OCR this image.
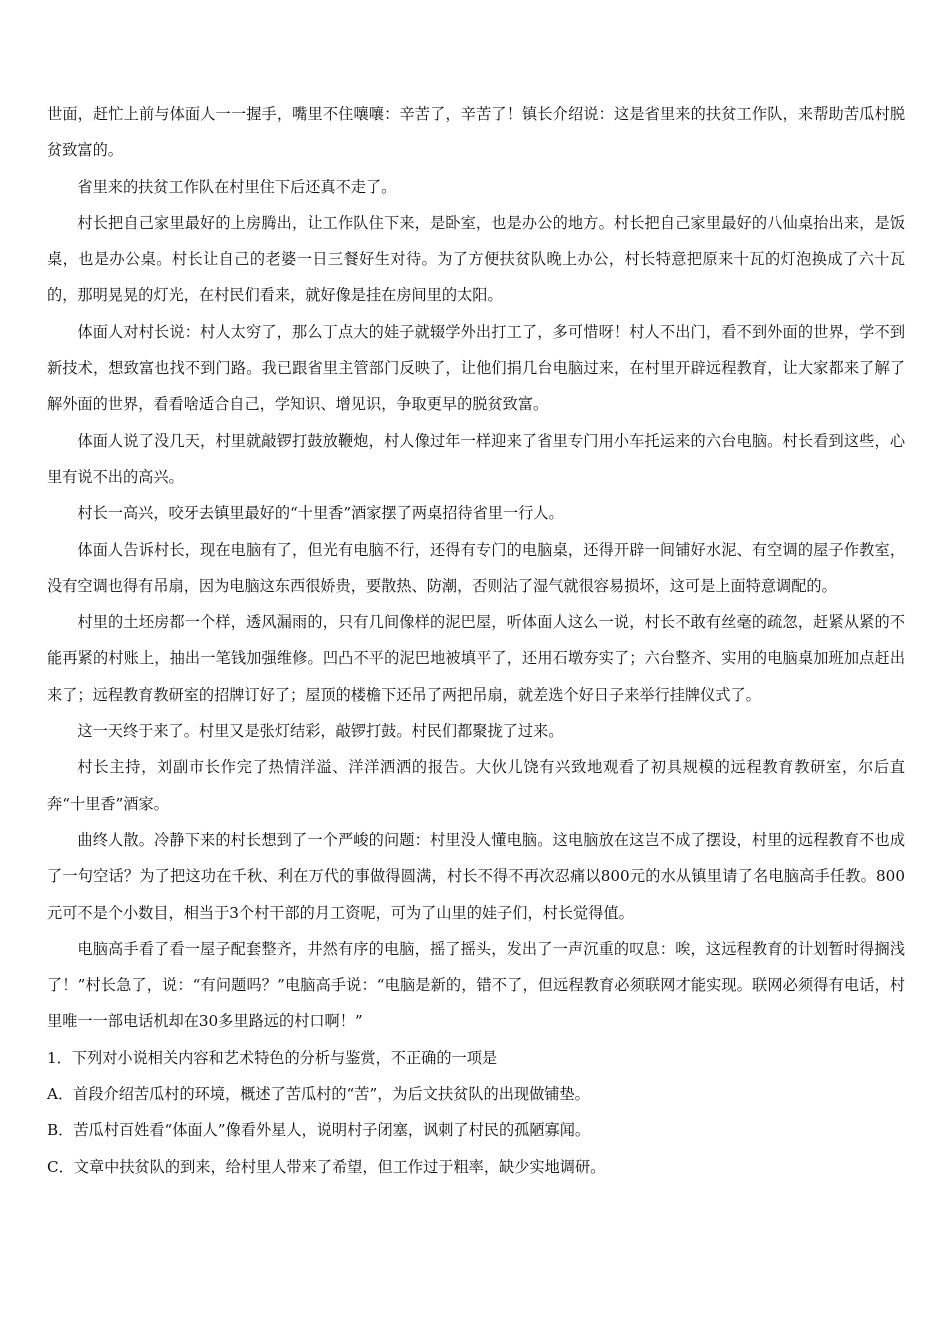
世面，赶忙上前与体面人一一握手，嘴里不住嚷嚷：辛苦了，辛苦了！镇长介绍说：这是省里来的扶贫工作队，来帮助苦瓜村脱贫致富的。

省里来的扶贫工作队在村里住下后还真不走了。

村长把自己家里最好的上房腾出，让工作队住下来，是卧室，也是办公的地方。村长把自己家里最好的八仙桌抬出来，是饭桌，也是办公桌。村长让自己的老婆一日三餐好生对待。为了方便扶贫队晚上办公，村长特意把原来十瓦的灯泡换成了六十瓦的，那明晃晃的灯光，在村民们看来，就好像是挂在房间里的太阳。

体面人对村长说：村人太穷了，那么丁点大的娃子就辍学外出打工了，多可惜呀！村人不出门，看不到外面的世界，学不到新技术，想致富也找不到门路。我已跟省里主管部门反映了，让他们捐几台电脑过来，在村里开辟远程教育，让大家都来了解了解外面的世界，看看啥适合自己，学知识、增见识，争取更早的脱贫致富。

体面人说了没几天，村里就敲锣打鼓放鞭炮，村人像过年一样迎来了省里专门用小车托运来的六台电脑。村长看到这些，心里有说不出的高兴。

村长一高兴，咬牙去镇里最好的“十里香”酒家摆了两桌招待省里一行人。

体面人告诉村长，现在电脑有了，但光有电脑不行，还得有专门的电脑桌，还得开辟一间铺好水泥、有空调的屋子作教室，没有空调也得有吊扇，因为电脑这东西很娇贵，要散热、防潮，否则沾了湿气就很容易损坏，这可是上面特意调配的。

村里的土坯房都一个样，透风漏雨的，只有几间像样的泥巴屋，听体面人这么一说，村长不敢有丝毫的疏忽，赶紧从紧的不能再紧的村账上，抽出一笔钱加强维修。凹凸不平的泥巴地被填平了，还用石墩夯实了；六台整齐、实用的电脑桌加班加点赶出来了；远程教育教研室的招牌订好了；屋顶的楼檐下还吊了两把吊扇，就差选个好日子来举行挂牌仪式了。

这一天终于来了。村里又是张灯结彩，敲锣打鼓。村民们都聚拢了过来。

村长主持，刘副市长作完了热情洋溢、洋洋洒洒的报告。大伙儿饶有兴致地观看了初具规模的远程教育教研室，尔后直奔“十里香”酒家。

曲终人散。冷静下来的村长想到了一个严峻的问题：村里没人懂电脑。这电脑放在这岂不成了摆设，村里的远程教育不也成了一句空话？为了把这功在千秋、利在万代的事做得圆满，村长不得不再次忍痛以800元的水从镇里请了名电脑高手任教。800元可不是个小数目，相当于3个村干部的月工资呢，可为了山里的娃子们，村长觉得值。

电脑高手看了看一屋子配套整齐，井然有序的电脑，摇了摇头，发出了一声沉重的叹息：唉，这远程教育的计划暂时得搁浅了！”村长急了，说：“有问题吗？”电脑高手说：“电脑是新的，错不了，但远程教育必须联网才能实现。联网必须得有电话，村里唯一一部电话机却在30多里路远的村口啊！”

1．下列对小说相关内容和艺术特色的分析与鉴赏，不正确的一项是

A．首段介绍苦瓜村的环境，概述了苦瓜村的“苦”，为后文扶贫队的出现做铺垫。

B．苦瓜村百姓看“体面人”像看外星人，说明村子闭塞，讽刺了村民的孤陋寡闻。

C．文章中扶贫队的到来，给村里人带来了希望，但工作过于粗率，缺少实地调研。
